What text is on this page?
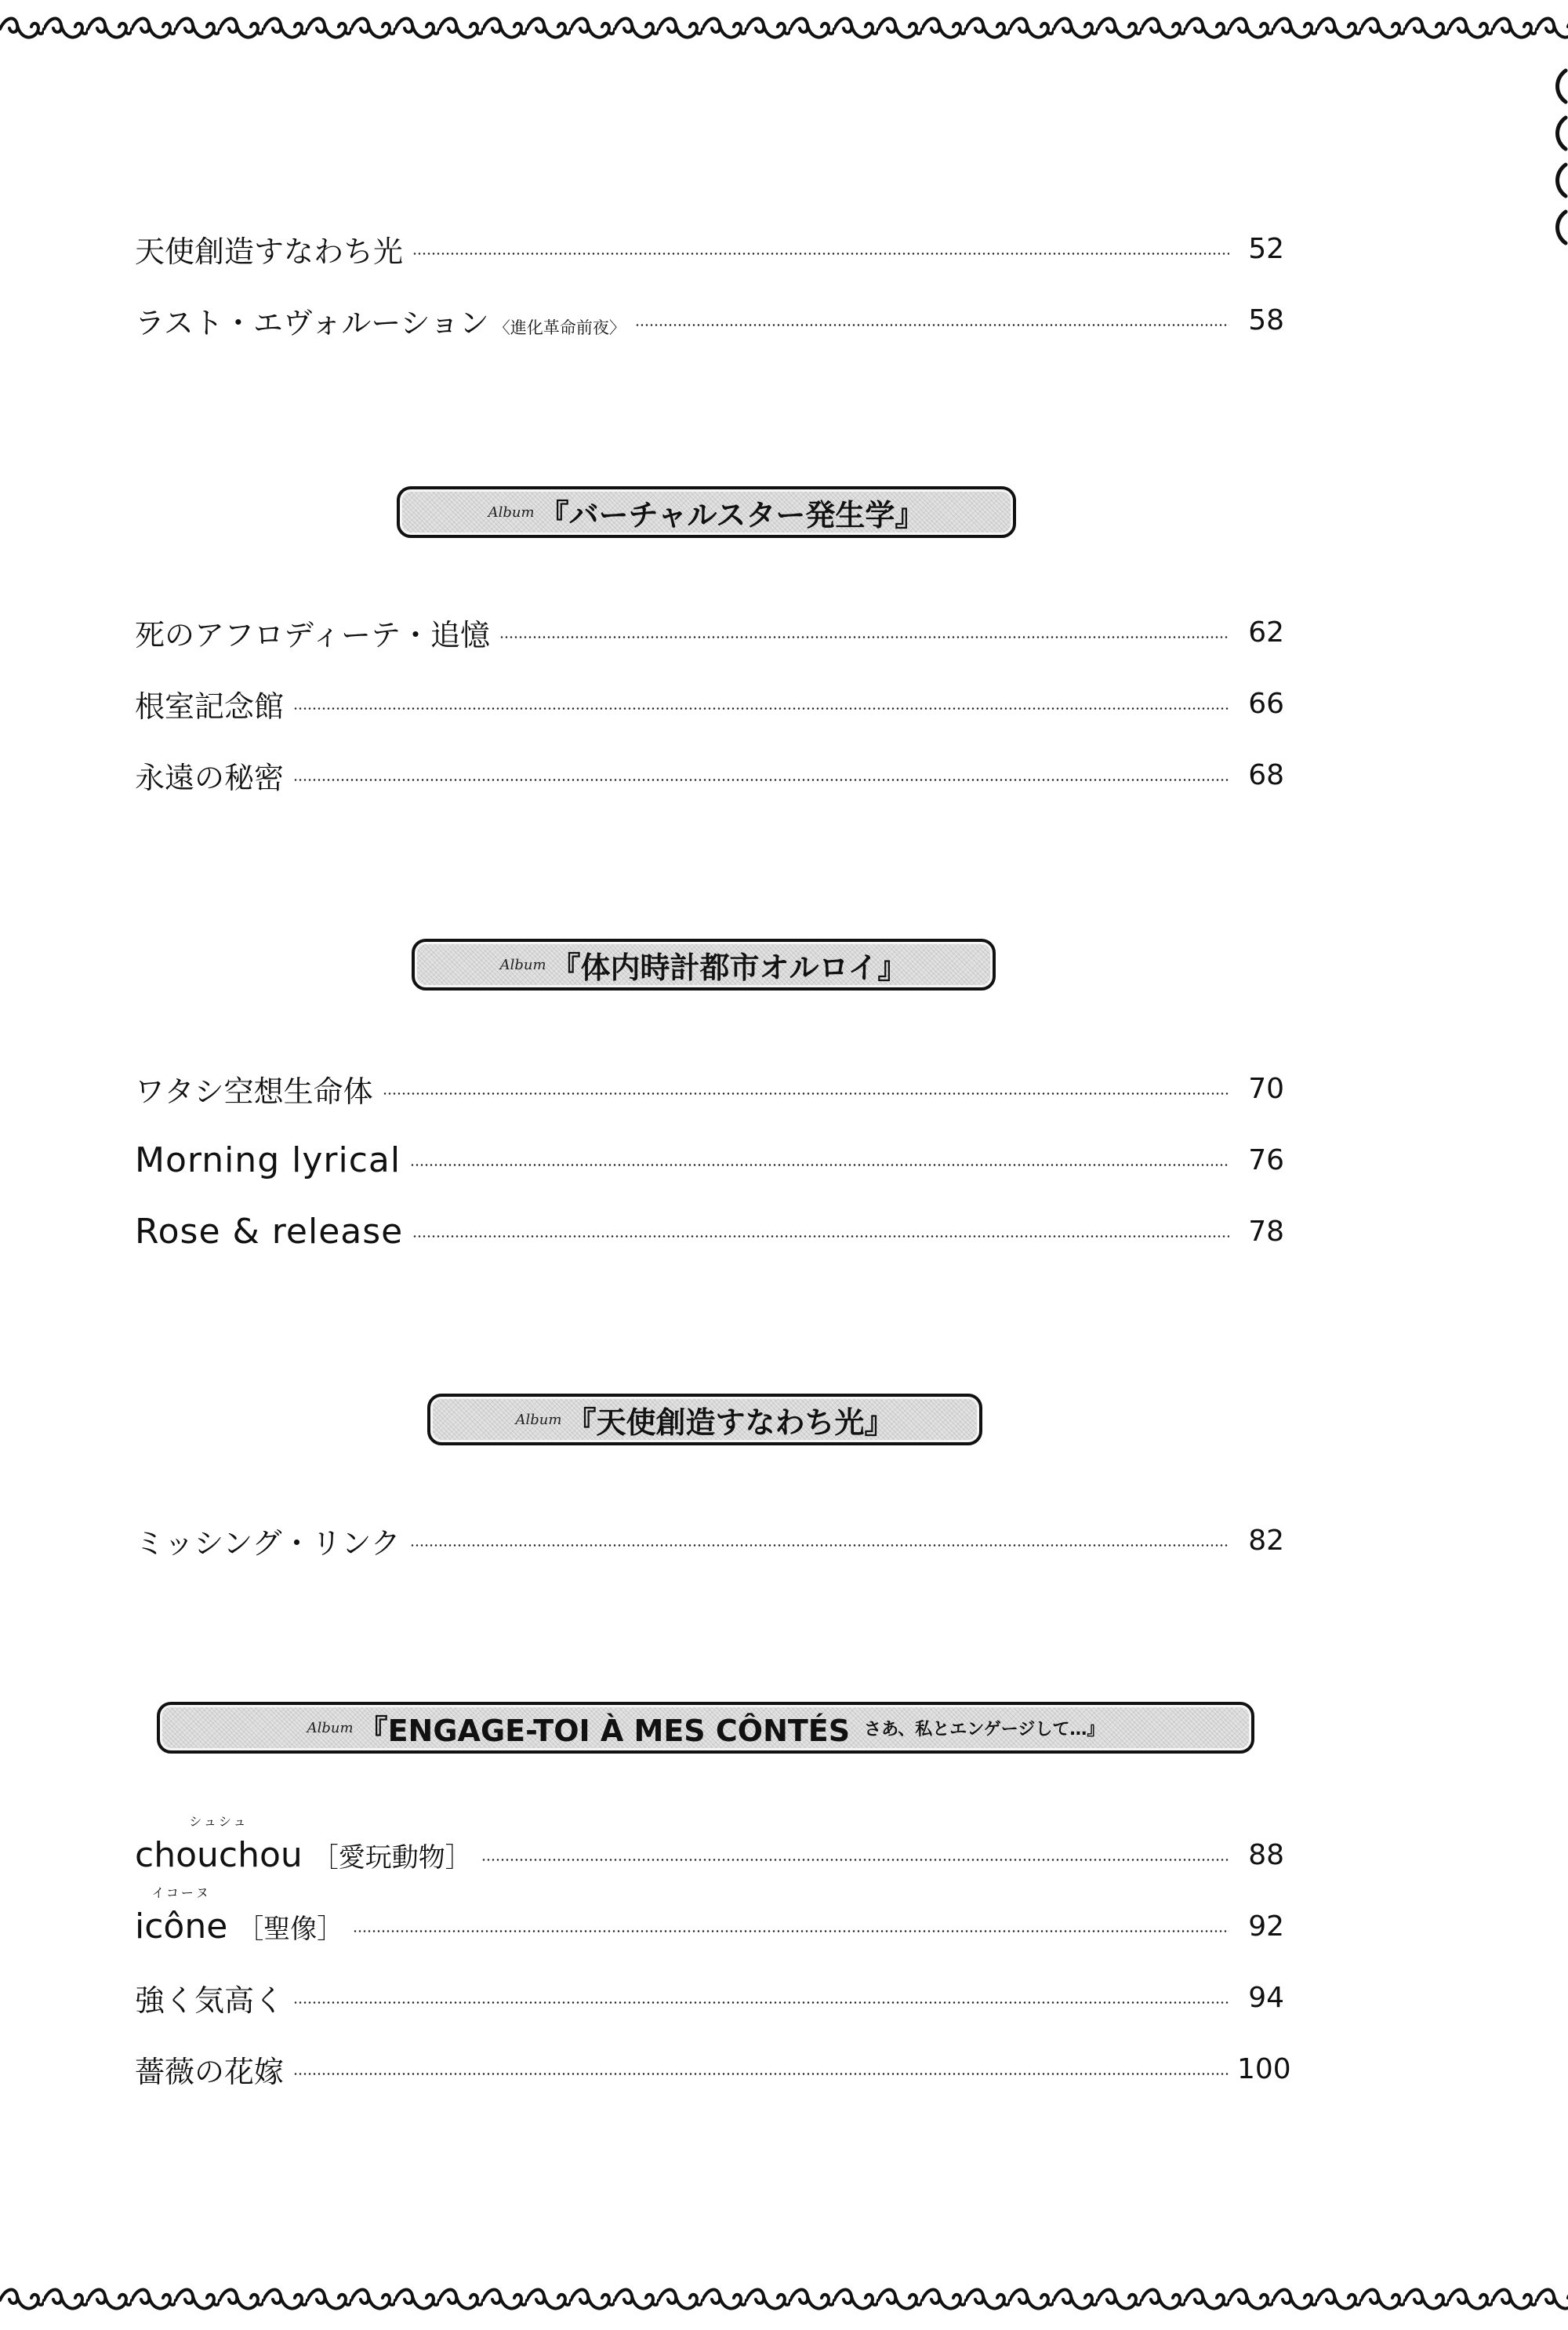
天使創造すなわち光	52
ラスト・エヴォルーション 〈進化革命前夜〉	58
Album 『バーチャルスター発生学』
死のアフロディーテ・追憶	62
根室記念館	66
永遠の秘密	68
Album 『体内時計都市オルロイ』
ワタシ空想生命体	70
Morning lyrical	76
Rose & release	78
Album 『天使創造すなわち光』
ミッシング・リンク	82
Album 『ENGAGE-TOI À MES CÔNTÉS さあ、私とエンゲージして…』
シュシュ
chouchou ［愛玩動物］	88
イコーヌ
icône ［聖像］	92
強く気高く	94
薔薇の花嫁	100
